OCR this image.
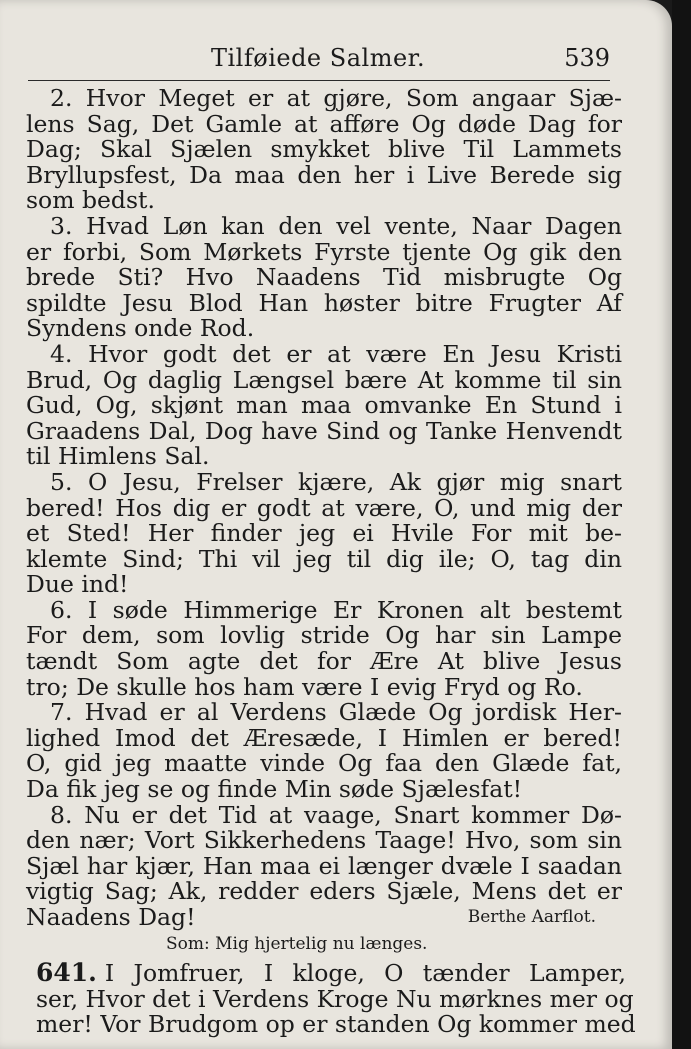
Tilføiede Salmer.	539
2. Hvor Meget er at gjøre, Som angaar Sjæ-
lens Sag, Det Gamle at afføre Og døde Dag for
Dag; Skal Sjælen smykket blive Til Lammets
Bryllupsfest, Da maa den her i Live Berede sig
som bedst.
3. Hvad Løn kan den vel vente, Naar Dagen
er forbi, Som Mørkets Fyrste tjente Og gik den
brede Sti? Hvo Naadens Tid misbrugte Og
spildte Jesu Blod Han høster bitre Frugter Af
Syndens onde Rod.
4. Hvor godt det er at være En Jesu Kristi
Brud, Og daglig Længsel bære At komme til sin
Gud, Og, skjønt man maa omvanke En Stund i
Graadens Dal, Dog have Sind og Tanke Henvendt
til Himlens Sal.
5. O Jesu, Frelser kjære, Ak gjør mig snart
bered! Hos dig er godt at være, O, und mig der
et Sted! Her finder jeg ei Hvile For mit be-
klemte Sind; Thi vil jeg til dig ile; O, tag din
Due ind!
6. I søde Himmerige Er Kronen alt bestemt
For dem, som lovlig stride Og har sin Lampe
tændt Som agte det for Ære At blive Jesus
tro; De skulle hos ham være I evig Fryd og Ro.
7. Hvad er al Verdens Glæde Og jordisk Her-
lighed Imod det Æresæde, I Himlen er bered!
O, gid jeg maatte vinde Og faa den Glæde fat,
Da fik jeg se og finde Min søde Sjælesfat!
8. Nu er det Tid at vaage, Snart kommer Dø-
den nær; Vort Sikkerhedens Taage! Hvo, som sin
Sjæl har kjær, Han maa ei længer dvæle I saadan
vigtig Sag; Ak, redder eders Sjæle, Mens det er
Naadens Dag!	Berthe Aarflot.
Som: Mig hjertelig nu længes.
641. I Jomfruer, I kloge, O tænder Lamper,
ser, Hvor det i Verdens Kroge Nu mørknes mer og
mer! Vor Brudgom op er standen Og kommer med
